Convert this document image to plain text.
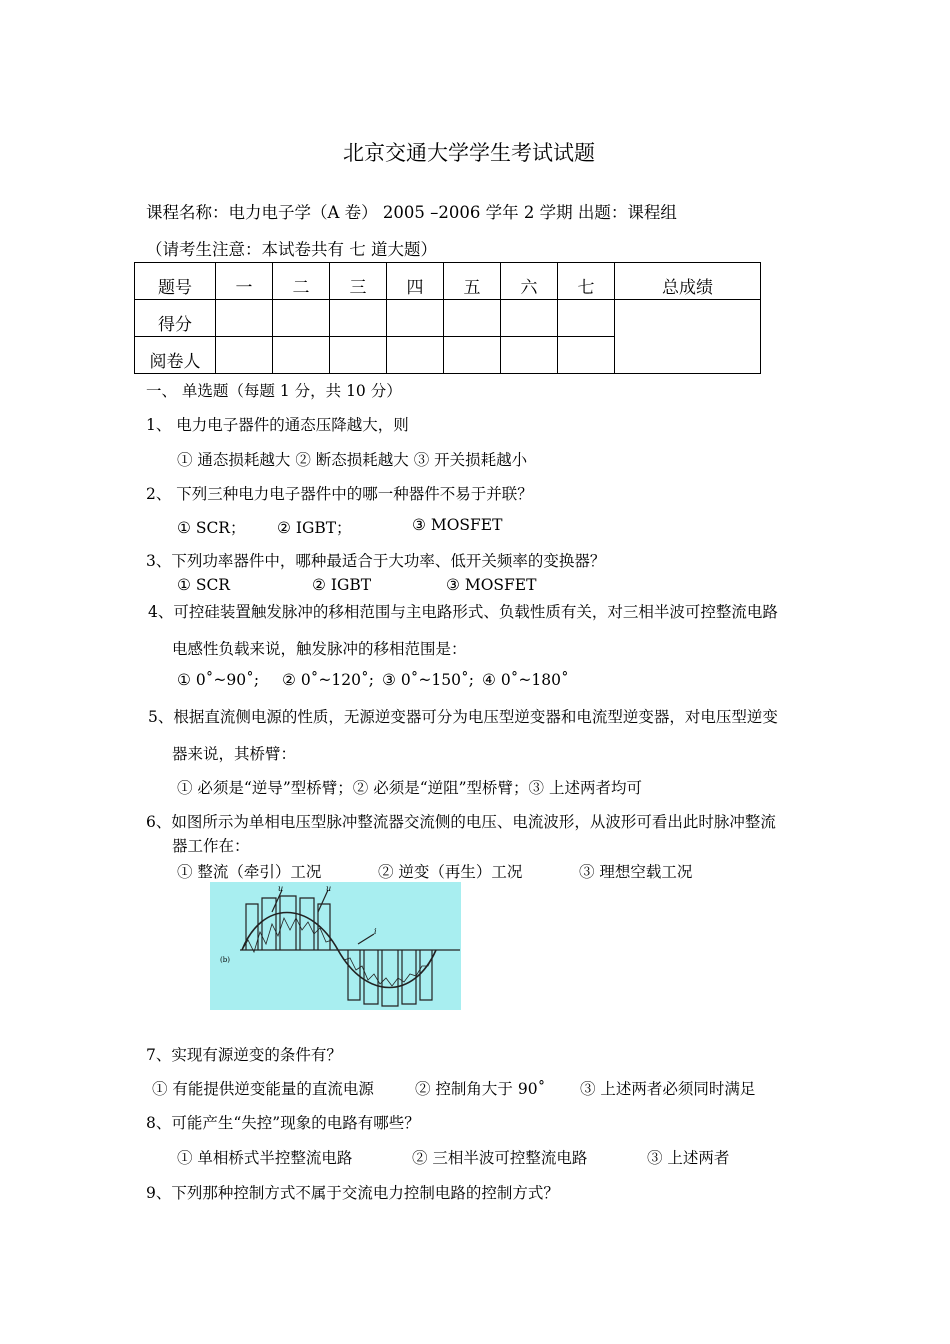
北京交通大学学生考试试题
课程名称：电力电子学（A 卷） 2005 –2006 学年 2 学期 出题：课程组
（请考生注意：本试卷共有 七 道大题）
题号	一	二	三	四	五	六	七	总成绩
得分								
阅卷人								
一、 单选题（每题 1 分，共 10 分）
1、 电力电子器件的通态压降越大，则
① 通态损耗越大 ② 断态损耗越大 ③ 开关损耗越小
2、 下列三种电力电子器件中的哪一种器件不易于并联？
① SCR； ② IGBT；	③ MOSFET
3、下列功率器件中，哪种最适合于大功率、低开关频率的变换器？
① SCR	② IGBT	③ MOSFET
4、可控硅装置触发脉冲的移相范围与主电路形式、负载性质有关，对三相半波可控整流电路
电感性负载来说，触发脉冲的移相范围是：
① 0˚~90˚; ② 0˚~120˚; ③ 0˚~150˚; ④ 0˚~180˚
5、根据直流侧电源的性质，无源逆变器可分为电压型逆变器和电流型逆变器，对电压型逆变
器来说，其桥臂：
① 必须是“逆导”型桥臂；② 必须是“逆阻”型桥臂；③ 上述两者均可
6、如图所示为单相电压型脉冲整流器交流侧的电压、电流波形，从波形可看出此时脉冲整流
器工作在：
① 整流（牵引）工况	② 逆变（再生）工况	③ 理想空载工况
u	u
i
(b)
7、实现有源逆变的条件有？
① 有能提供逆变能量的直流电源	② 控制角大于 90˚ ③ 上述两者必须同时满足
8、可能产生“失控”现象的电路有哪些？
① 单相桥式半控整流电路	② 三相半波可控整流电路	③ 上述两者
9、下列那种控制方式不属于交流电力控制电路的控制方式？
